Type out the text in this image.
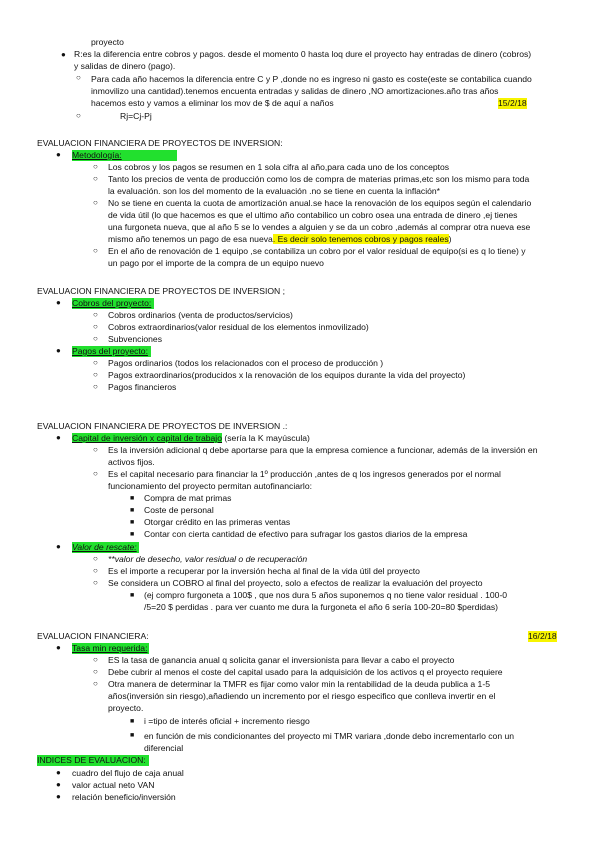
proyecto
● R:es la diferencia entre cobros y pagos. desde el momento 0 hasta loq dure el proyecto hay entradas de dinero (cobros)
y salidas de dinero (pago).
○ Para cada año hacemos la diferencia entre C y P ,donde no es ingreso ni gasto es coste(este se contabilica cuando
inmovilizo una cantidad).tenemos encuenta entradas y salidas de dinero ,NO amortizaciones.año tras años
hacemos esto y vamos a eliminar los mov de $ de aquí a naños	15/2/18
○	Rj=Cj-Pj
EVALUACION FINANCIERA DE PROYECTOS DE INVERSION:
● Metodología:
○ Los cobros y los pagos se resumen en 1 sola cifra al año,para cada uno de los conceptos
○ Tanto los precios de venta de producción como los de compra de materias primas,etc son los mismo para toda
la evaluación. son los del momento de la evaluación .no se tiene en cuenta la inflación*
○ No se tiene en cuenta la cuota de amortización anual.se hace la renovación de los equipos según el calendario
de vida útil (lo que hacemos es que el ultimo año contabilico un cobro osea una entrada de dinero ,ej tienes
una furgoneta nueva, que al año 5 se lo vendes a alguien y se da un cobro ,además al comprar otra nueva ese
mismo año tenemos un pago de esa nueva. Es decir solo tenemos cobros y pagos reales)
○ En el año de renovación de 1 equipo ,se contabiliza un cobro por el valor residual de equipo(si es q lo tiene) y
un pago por el importe de la compra de un equipo nuevo
EVALUACION FINANCIERA DE PROYECTOS DE INVERSION ;
● Cobros del proyecto:
○ Cobros ordinarios (venta de productos/servicios)
○ Cobros extraordinarios(valor residual de los elementos inmovilizado)
○ Subvenciones
● Pagos del proyecto:
○ Pagos ordinarios (todos los relacionados con el proceso de producción )
○ Pagos extraordinarios(producidos x la renovación de los equipos durante la vida del proyecto)
○ Pagos financieros
EVALUACION FINANCIERA DE PROYECTOS DE INVERSION .:
● Capital de inversión x capital de trabajo (sería la K mayúscula)
○ Es la inversión adicional q debe aportarse para que la empresa comience a funcionar, además de la inversión en
activos fijos.
○ Es el capital necesario para financiar la 1º producción ,antes de q los ingresos generados por el normal
funcionamiento del proyecto permitan autofinanciarlo:
■ Compra de mat primas
■ Coste de personal
■ Otorgar crédito en las primeras ventas
■ Contar con cierta cantidad de efectivo para sufragar los gastos diarios de la empresa
● Valor de rescate:
○ **valor de desecho, valor residual o de recuperación
○ Es el importe a recuperar por la inversión hecha al final de la vida útil del proyecto
○ Se considera un COBRO al final del proyecto, solo a efectos de realizar la evaluación del proyecto
■ (ej compro furgoneta a 100$ , que nos dura 5 años suponemos q no tiene valor residual . 100-0
/5=20 $ perdidas . para ver cuanto me dura la furgoneta el año 6 sería 100-20=80 $perdidas)
EVALUACION FINANCIERA:	16/2/18
● Tasa min requerida:
○ ES la tasa de ganancia anual q solicita ganar el inversionista para llevar a cabo el proyecto
○ Debe cubrir al menos el coste del capital usado para la adquisición de los activos q el proyecto requiere
○ Otra manera de determinar la TMFR es fijar como valor min la rentabilidad de la deuda publica a 1-5
años(inversión sin riesgo),añadiendo un incremento por el riesgo especifico que conlleva invertir en el
proyecto.
■ i =tipo de interés oficial + incremento riesgo
■ en función de mis condicionantes del proyecto mi TMR variara ,donde debo incrementarlo con un
diferencial
INDICES DE EVALUACION:
● cuadro del flujo de caja anual
● valor actual neto VAN
● relación beneficio/inversión
